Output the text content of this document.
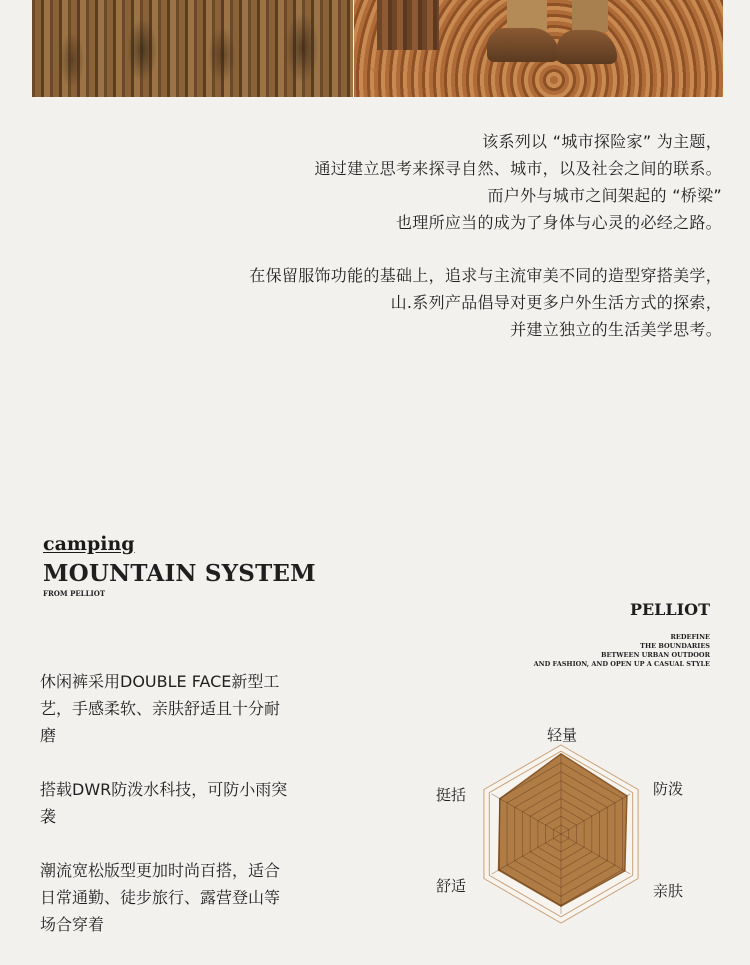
该系列以 “城市探险家” 为主题，

通过建立思考来探寻自然、城市，以及社会之间的联系。

而户外与城市之间架起的 “桥梁”

也理所应当的成为了身体与心灵的必经之路。

在保留服饰功能的基础上，追求与主流审美不同的造型穿搭美学，

山.系列产品倡导对更多户外生活方式的探索，

并建立独立的生活美学思考。

camping
MOUNTAIN SYSTEM
FROM PELLIOT
PELLIOT
REDEFINE
THE BOUNDARIES
BETWEEN URBAN OUTDOOR
AND FASHION, AND OPEN UP A CASUAL STYLE

休闲裤采用DOUBLE FACE新型工艺，手感柔软、亲肤舒适且十分耐磨

搭载DWR防泼水科技，可防小雨突袭

潮流宽松版型更加时尚百搭，适合日常通勤、徒步旅行、露营登山等场合穿着

轻量
防泼
亲肤
舒适
挺括
